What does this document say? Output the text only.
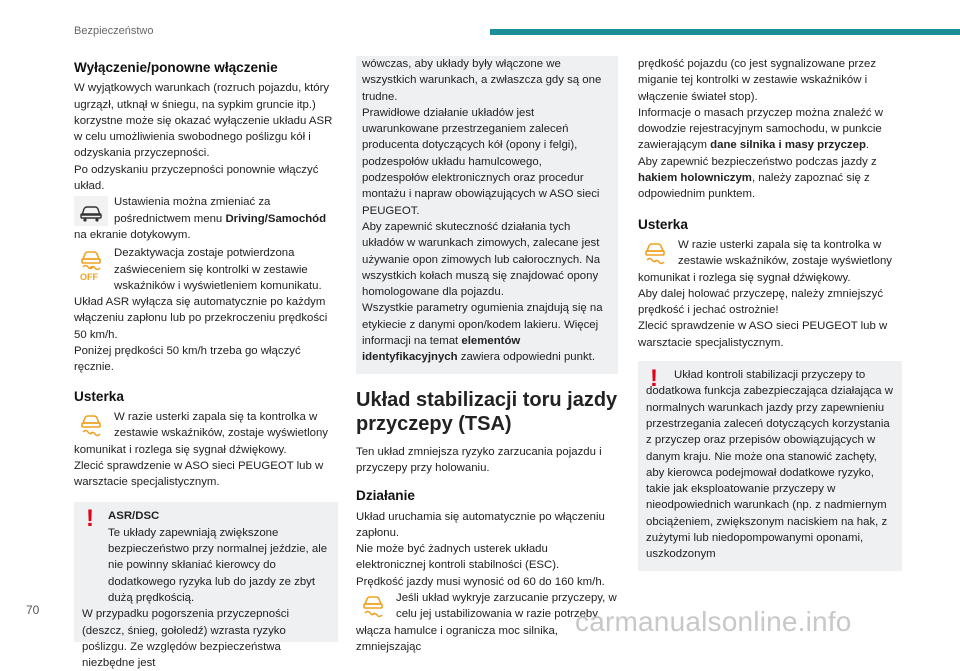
Bezpieczeństwo
Wyłączenie/ponowne włączenie

W wyjątkowych warunkach (rozruch pojazdu, który ugrzązł, utknął w śniegu, na sypkim gruncie itp.) korzystne może się okazać wyłączenie układu ASR w celu umożliwienia swobodnego poślizgu kół i odzyskania przyczepności.

Po odzyskaniu przyczepności ponownie włączyć układ.

Ustawienia można zmieniać za pośrednictwem menu Driving/Samochód na ekranie dotykowym.
OFF
Dezaktywacja zostaje potwierdzona zaświeceniem się kontrolki w zestawie wskaźników i wyświetleniem komunikatu.

Układ ASR wyłącza się automatycznie po każdym włączeniu zapłonu lub po przekroczeniu prędkości 50 km/h.

Poniżej prędkości 50 km/h trzeba go włączyć ręcznie.

Usterka
W razie usterki zapala się ta kontrolka w zestawie wskaźników, zostaje wyświetlony komunikat i rozlega się sygnał dźwiękowy.

Zlecić sprawdzenie w ASO sieci PEUGEOT lub w warsztacie specjalistycznym.

!	ASR/DSC

Te układy zapewniają zwiększone bezpieczeństwo przy normalnej jeździe, ale nie powinny skłaniać kierowcy do dodatkowego ryzyka lub do jazdy ze zbyt dużą prędkością.

W przypadku pogorszenia przyczepności (deszcz, śnieg, gołoledź) wzrasta ryzyko poślizgu. Ze względów bezpieczeństwa niezbędne jest

wówczas, aby układy były włączone we wszystkich warunkach, a zwłaszcza gdy są one trudne.

Prawidłowe działanie układów jest uwarunkowane przestrzeganiem zaleceń producenta dotyczących kół (opony i felgi), podzespołów układu hamulcowego, podzespołów elektronicznych oraz procedur montażu i napraw obowiązujących w ASO sieci PEUGEOT.

Aby zapewnić skuteczność działania tych układów w warunkach zimowych, zalecane jest używanie opon zimowych lub całorocznych. Na wszystkich kołach muszą się znajdować opony homologowane dla pojazdu.

Wszystkie parametry ogumienia znajdują się na etykiecie z danymi opon/kodem lakieru. Więcej informacji na temat elementów identyfikacyjnych zawiera odpowiedni punkt.

Układ stabilizacji toru jazdy przyczepy (TSA)

Ten układ zmniejsza ryzyko zarzucania pojazdu i przyczepy przy holowaniu.

Działanie

Układ uruchamia się automatycznie po włączeniu zapłonu.

Nie może być żadnych usterek układu elektronicznej kontroli stabilności (ESC).

Prędkość jazdy musi wynosić od 60 do 160 km/h.

Jeśli układ wykryje zarzucanie przyczepy, w celu jej ustabilizowania w razie potrzeby włącza hamulce i ogranicza moc silnika, zmniejszając

prędkość pojazdu (co jest sygnalizowane przez miganie tej kontrolki w zestawie wskaźników i włączenie świateł stop).

Informacje o masach przyczep można znaleźć w dowodzie rejestracyjnym samochodu, w punkcie zawierającym dane silnika i masy przyczep.

Aby zapewnić bezpieczeństwo podczas jazdy z hakiem holowniczym, należy zapoznać się z odpowiednim punktem.

Usterka
W razie usterki zapala się ta kontrolka w zestawie wskaźników, zostaje wyświetlony komunikat i rozlega się sygnał dźwiękowy.

Aby dalej holować przyczepę, należy zmniejszyć prędkość i jechać ostrożnie!

Zlecić sprawdzenie w ASO sieci PEUGEOT lub w warsztacie specjalistycznym.

!	Układ kontroli stabilizacji przyczepy to dodatkowa funkcja zabezpieczająca działająca w normalnych warunkach jazdy przy zapewnieniu przestrzegania zaleceń dotyczących korzystania z przyczep oraz przepisów obowiązujących w danym kraju. Nie może ona stanowić zachęty, aby kierowca podejmował dodatkowe ryzyko, takie jak eksploatowanie przyczepy w nieodpowiednich warunkach (np. z nadmiernym obciążeniem, zwiększonym naciskiem na hak, z zużytymi lub niedopompowanymi oponami, uszkodzonym

70	carmanualsonline.info
